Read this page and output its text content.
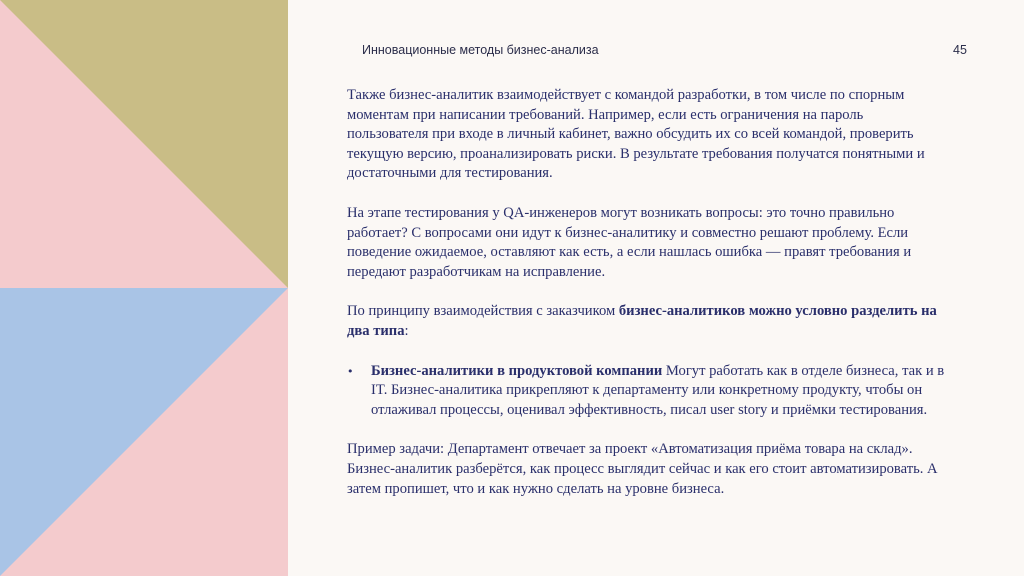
Инновационные методы бизнес-анализа	45

Также бизнес-аналитик взаимодействует с командой разработки, в том числе по спорным моментам при написании требований. Например, если есть ограничения на пароль пользователя при входе в личный кабинет, важно обсудить их со всей командой, проверить текущую версию, проанализировать риски. В результате требования получатся понятными и достаточными для тестирования.

На этапе тестирования у QA-инженеров могут возникать вопросы: это точно правильно работает? С вопросами они идут к бизнес-аналитику и совместно решают проблему. Если поведение ожидаемое, оставляют как есть, а если нашлась ошибка — правят требования и передают разработчикам на исправление.

По принципу взаимодействия с заказчиком бизнес-аналитиков можно условно разделить на два типа:

•	Бизнес-аналитики в продуктовой компании Могут работать как в отделе бизнеса, так и в IT. Бизнес-аналитика прикрепляют к департаменту или конкретному продукту, чтобы он отлаживал процессы, оценивал эффективность, писал user story и приёмки тестирования.

Пример задачи: Департамент отвечает за проект «Автоматизация приёма товара на склад». Бизнес-аналитик разберётся, как процесс выглядит сейчас и как его стоит автоматизировать. А затем пропишет, что и как нужно сделать на уровне бизнеса.
